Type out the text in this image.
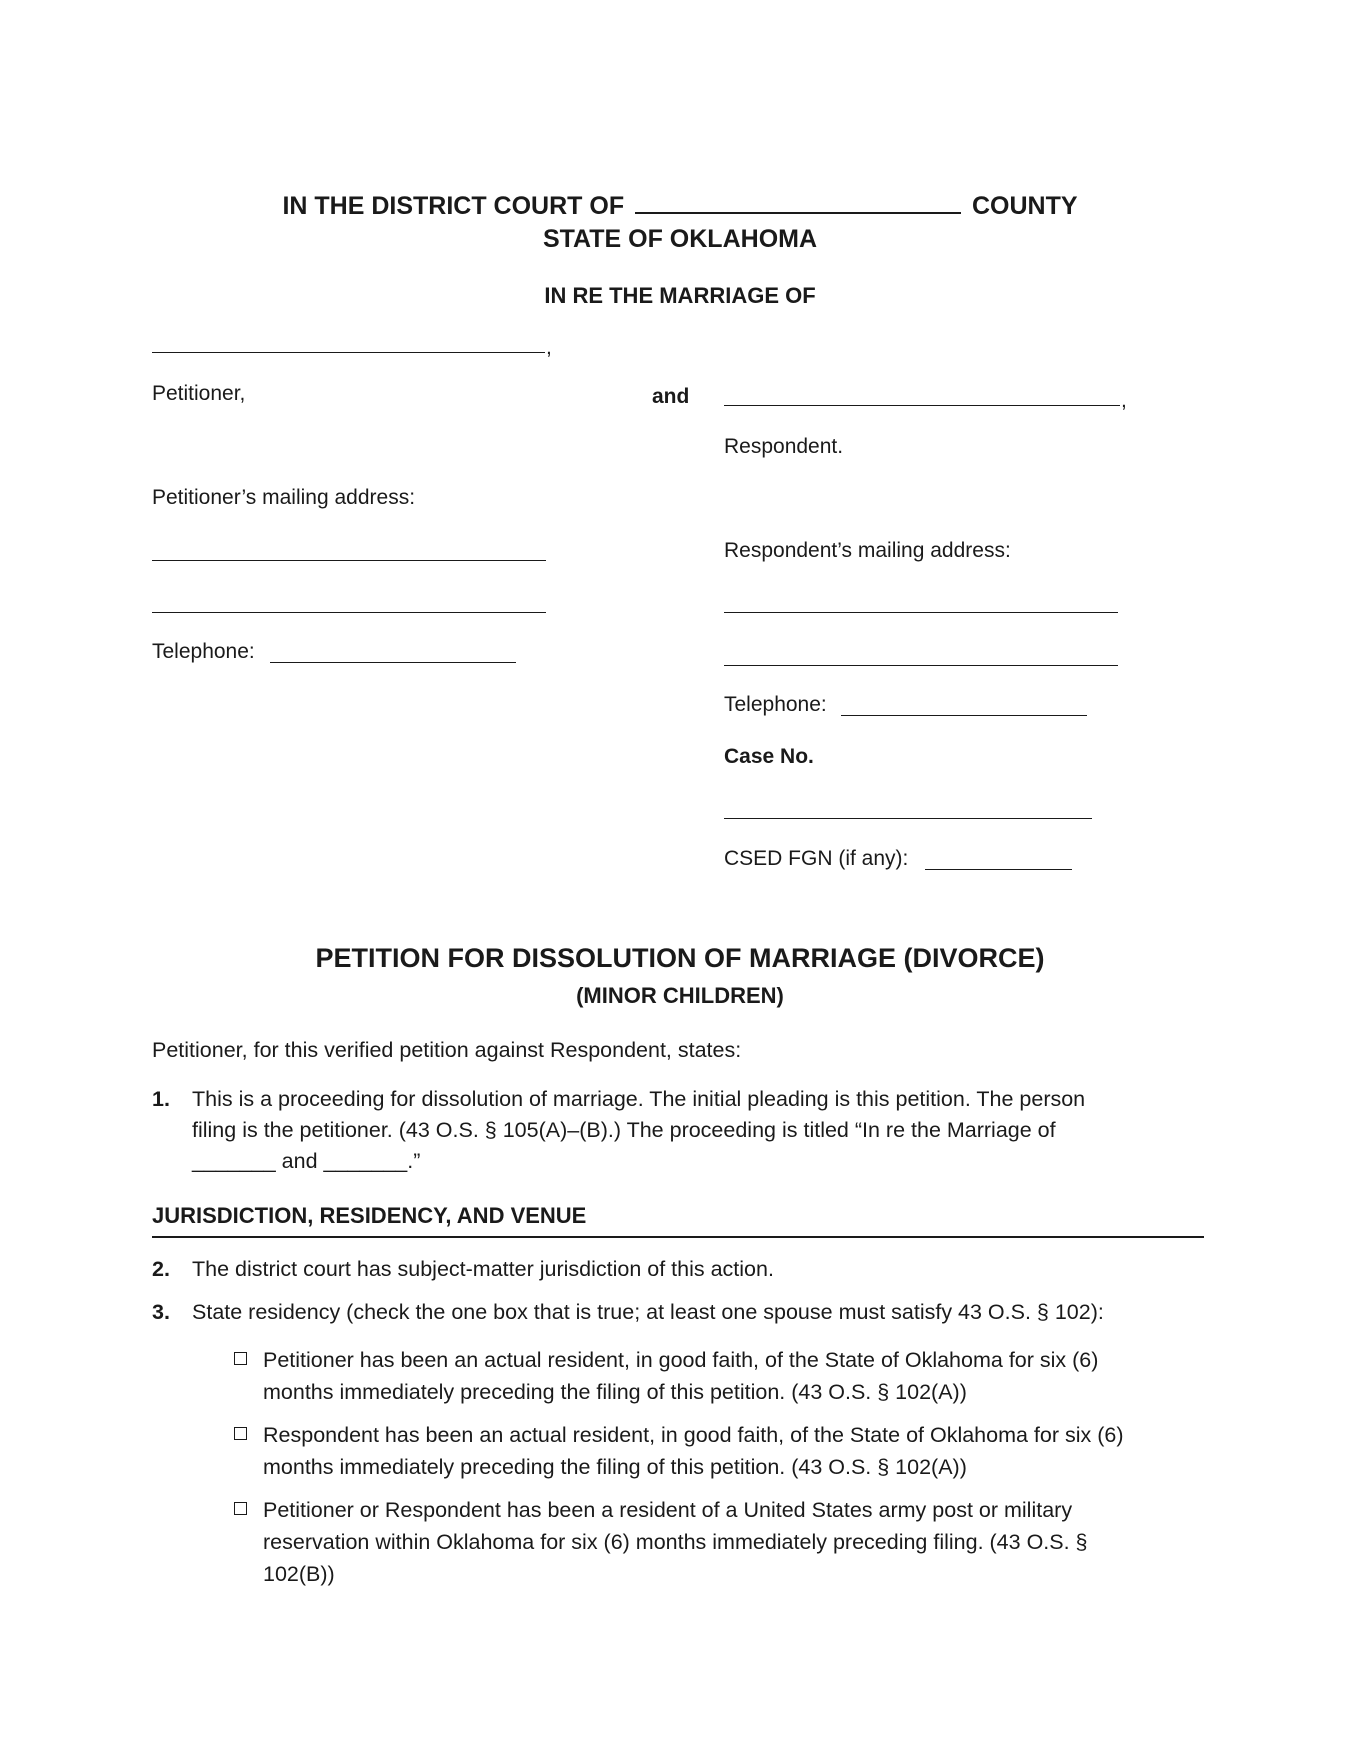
IN THE DISTRICT COURT OF	COUNTY
STATE OF OKLAHOMA
IN RE THE MARRIAGE OF
,
Petitioner,	and	,
Respondent.
Petitioner’s mailing address:
Telephone:
Respondent’s mailing address:
Telephone:
Case No.
CSED FGN (if any):
PETITION FOR DISSOLUTION OF MARRIAGE (DIVORCE)
(MINOR CHILDREN)
Petitioner, for this verified petition against Respondent, states:
1. This is a proceeding for dissolution of marriage. The initial pleading is this petition. The person
filing is the petitioner. (43 O.S. § 105(A)–(B).) The proceeding is titled “In re the Marriage of
_______ and _______.”
JURISDICTION, RESIDENCY, AND VENUE
2. The district court has subject-matter jurisdiction of this action.
3. State residency (check the one box that is true; at least one spouse must satisfy 43 O.S. § 102):
Petitioner has been an actual resident, in good faith, of the State of Oklahoma for six (6)
months immediately preceding the filing of this petition. (43 O.S. § 102(A))
Respondent has been an actual resident, in good faith, of the State of Oklahoma for six (6)
months immediately preceding the filing of this petition. (43 O.S. § 102(A))
Petitioner or Respondent has been a resident of a United States army post or military
reservation within Oklahoma for six (6) months immediately preceding filing. (43 O.S. §
102(B))
